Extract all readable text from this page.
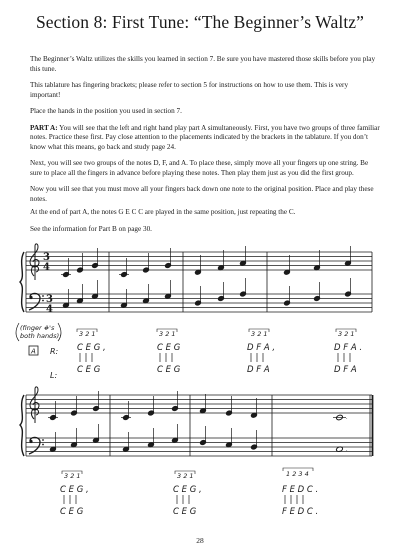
Section 8: First Tune: “The Beginner’s Waltz”

The Beginner’s Waltz utilizes the skills you learned in section 7. Be sure you have mastered those skills before you play this tune.

This tablature has fingering brackets; please refer to section 5 for instructions on how to use them. This is very important!

Place the hands in the position you used in section 7.

PART A: You will see that the left and right hand play part A simultaneously. First, you have two groups of three familiar notes. Practice these first. Pay close attention to the placements indicated by the brackets in the tablature. If you don’t know what this means, go back and study page 24.

Next, you will see two groups of the notes D, F, and A. To place these, simply move all your fingers up one string. Be sure to place all the fingers in advance before playing these notes. Then play them just as you did the first group.

Now you will see that you must move all your fingers back down one note to the original position. Place and play these notes.

At the end of part A, the notes G E C C are played in the same position, just repeating the C.

See the information for Part B on page 30.

3
4
3
4
(finger #'s
both hands):
A R:
L:
3 2 1
C E G ,
C E G
3 2 1
C E G
C E G
3 2 1
D F A ,
D F A
3 2 1
D F A .
D F A
.
.
3 2 1
C E G ,
C E G
3 2 1
C E G ,
C E G
1 2 3 4
F E D C .
F E D C .
28
